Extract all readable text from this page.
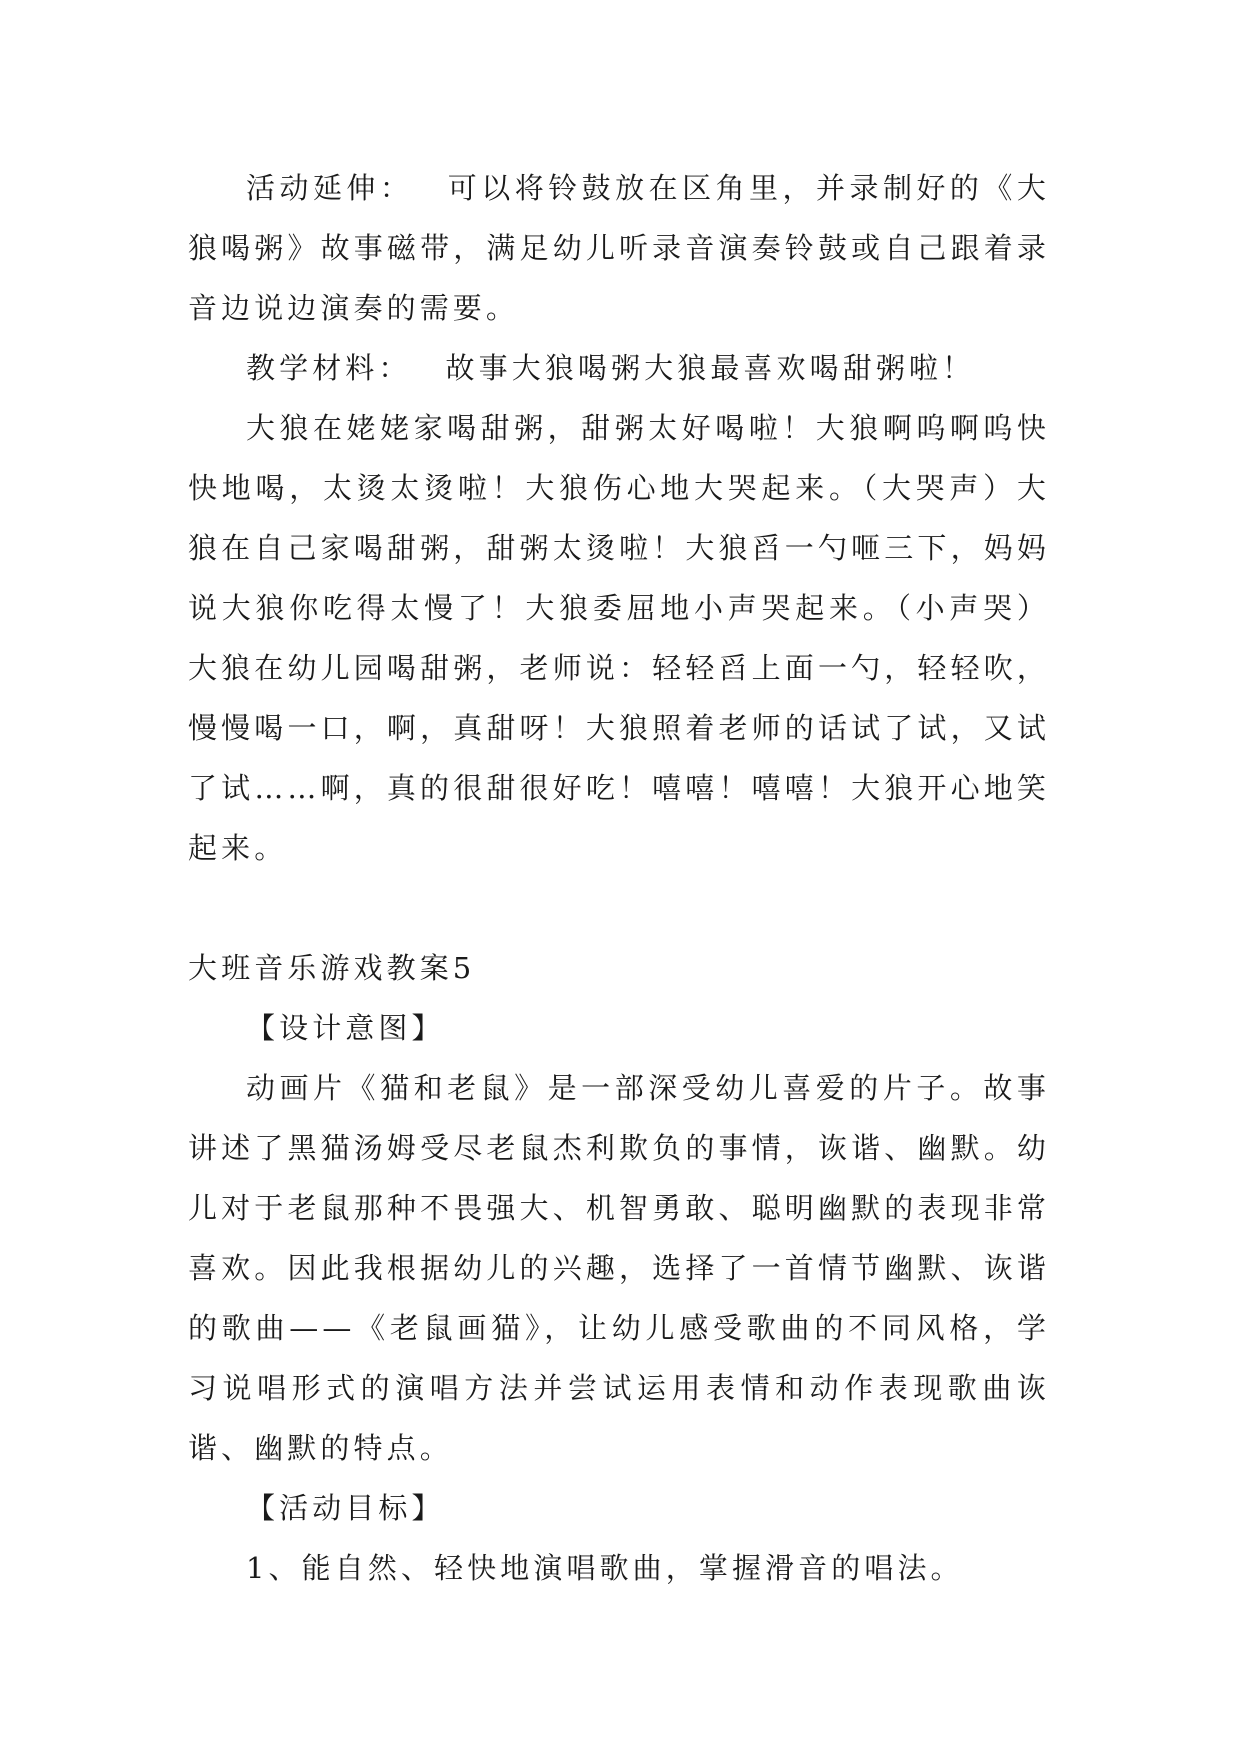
活动延伸： 可以将铃鼓放在区角里，并录制好的《大狼喝粥》故事磁带，满足幼儿听录音演奏铃鼓或自己跟着录音边说边演奏的需要。

教学材料： 故事大狼喝粥大狼最喜欢喝甜粥啦！

大狼在姥姥家喝甜粥，甜粥太好喝啦！大狼啊呜啊呜快快地喝，太烫太烫啦！大狼伤心地大哭起来。（大哭声）大狼在自己家喝甜粥，甜粥太烫啦！大狼舀一勺咂三下，妈妈说大狼你吃得太慢了！大狼委屈地小声哭起来。（小声哭）大狼在幼儿园喝甜粥，老师说：轻轻舀上面一勺，轻轻吹，慢慢喝一口，啊，真甜呀！大狼照着老师的话试了试，又试了试……啊，真的很甜很好吃！嘻嘻！嘻嘻！大狼开心地笑起来。

大班音乐游戏教案5

【设计意图】

动画片《猫和老鼠》是一部深受幼儿喜爱的片子。故事讲述了黑猫汤姆受尽老鼠杰利欺负的事情，诙谐、幽默。幼儿对于老鼠那种不畏强大、机智勇敢、聪明幽默的表现非常喜欢。因此我根据幼儿的兴趣，选择了一首情节幽默、诙谐的歌曲——《老鼠画猫》，让幼儿感受歌曲的不同风格，学习说唱形式的演唱方法并尝试运用表情和动作表现歌曲诙谐、幽默的特点。

【活动目标】

1、能自然、轻快地演唱歌曲，掌握滑音的唱法。
